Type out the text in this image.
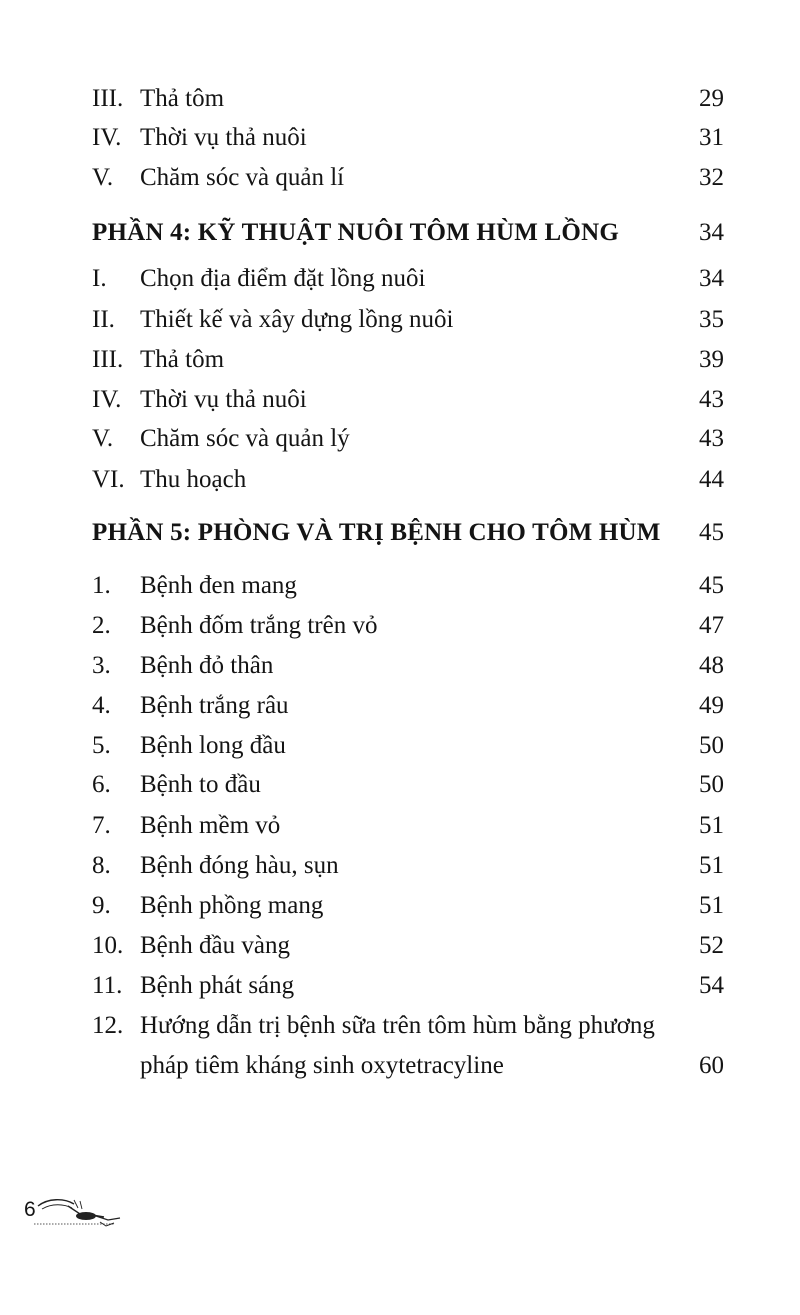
III. Thả tôm	29
IV. Thời vụ thả nuôi	31
V. Chăm sóc và quản lí	32
PHẦN 4: KỸ THUẬT NUÔI TÔM HÙM LỒNG	34
I. Chọn địa điểm đặt lồng nuôi	34
II. Thiết kế và xây dựng lồng nuôi	35
III. Thả tôm	39
IV. Thời vụ thả nuôi	43
V. Chăm sóc và quản lý	43
VI. Thu hoạch	44
PHẦN 5: PHÒNG VÀ TRỊ BỆNH CHO TÔM HÙM 45
1. Bệnh đen mang	45
2. Bệnh đốm trắng trên vỏ	47
3. Bệnh đỏ thân	48
4. Bệnh trắng râu	49
5. Bệnh long đầu	50
6. Bệnh to đầu	50
7. Bệnh mềm vỏ	51
8. Bệnh đóng hàu, sụn	51
9. Bệnh phồng mang	51
10. Bệnh đầu vàng	52
11. Bệnh phát sáng	54
12. Hướng dẫn trị bệnh sữa trên tôm hùm bằng phương pháp tiêm kháng sinh oxytetracyline	60
6
